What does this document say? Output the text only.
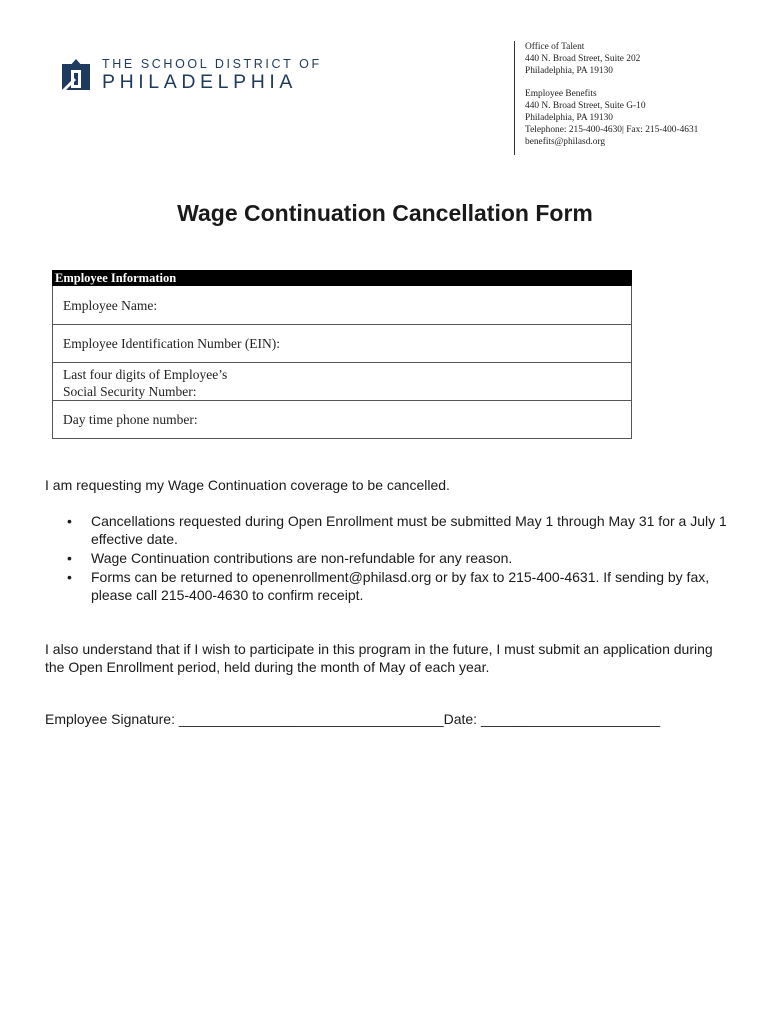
THE SCHOOL DISTRICT OF
PHILADELPHIA
Office of Talent
440 N. Broad Street, Suite 202
Philadelphia, PA 19130
Employee Benefits
440 N. Broad Street, Suite G-10
Philadelphia, PA 19130
Telephone: 215-400-4630| Fax: 215-400-4631
benefits@philasd.org
Wage Continuation Cancellation Form
Employee Information
Employee Name:
Employee Identification Number (EIN):
Last four digits of Employee’s
Social Security Number:
Day time phone number:
I am requesting my Wage Continuation coverage to be cancelled.
• Cancellations requested during Open Enrollment must be submitted May 1 through May 31 for a July 1 effective date.
• Wage Continuation contributions are non-refundable for any reason.
• Forms can be returned to openenrollment@philasd.org or by fax to 215-400-4631. If sending by fax, please call 215-400-4630 to confirm receipt.
I also understand that if I wish to participate in this program in the future, I must submit an application during the Open Enrollment period, held during the month of May of each year.
Employee Signature: __________________________________Date: _______________________
